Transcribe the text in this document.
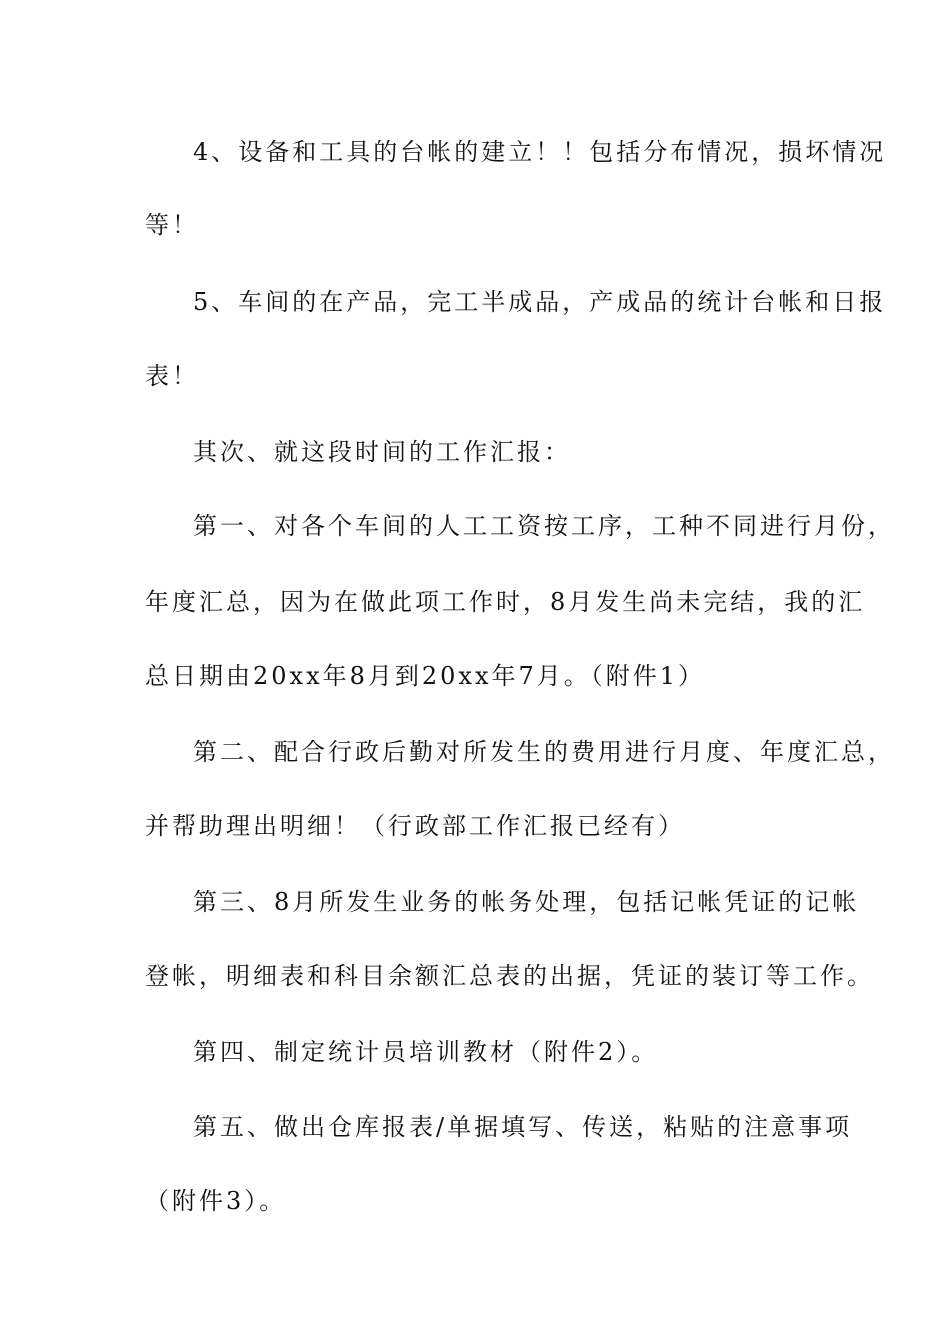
4、设备和工具的台帐的建立！！包括分布情况，损坏情况
等！
5、车间的在产品，完工半成品，产成品的统计台帐和日报
表！
其次、就这段时间的工作汇报：
第一、对各个车间的人工工资按工序，工种不同进行月份，
年度汇总，因为在做此项工作时，8月发生尚未完结，我的汇
总日期由20xx年8月到20xx年7月。（附件1）
第二、配合行政后勤对所发生的费用进行月度、年度汇总，
并帮助理出明细！（行政部工作汇报已经有）
第三、8月所发生业务的帐务处理，包括记帐凭证的记帐
登帐，明细表和科目余额汇总表的出据，凭证的装订等工作。
第四、制定统计员培训教材（附件2）。
第五、做出仓库报表/单据填写、传送，粘贴的注意事项
（附件3）。
